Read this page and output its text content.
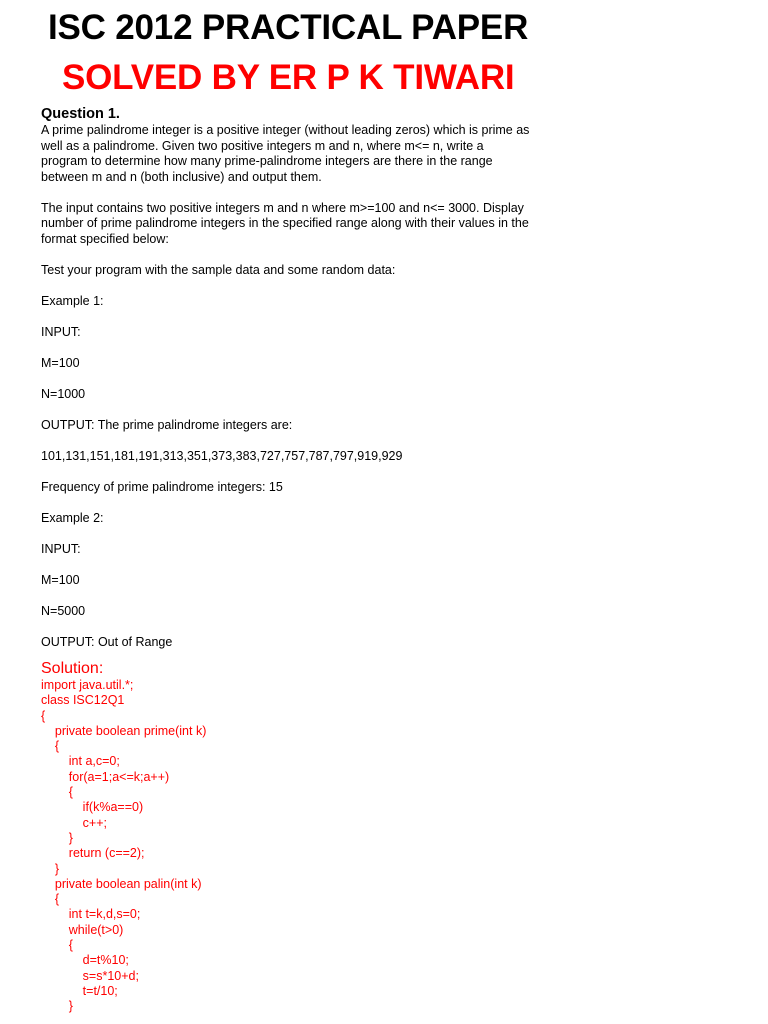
ISC 2012 PRACTICAL PAPER
SOLVED BY ER P K TIWARI
Question 1.
A prime palindrome integer is a positive integer (without leading zeros) which is prime as
well as a palindrome. Given two positive integers m and n, where m<= n, write a
program to determine how many prime-palindrome integers are there in the range
between m and n (both inclusive) and output them.
The input contains two positive integers m and n where m>=100 and n<= 3000. Display
number of prime palindrome integers in the specified range along with their values in the
format specified below:
Test your program with the sample data and some random data:
Example 1:
INPUT:
M=100
N=1000
OUTPUT: The prime palindrome integers are:
101,131,151,181,191,313,351,373,383,727,757,787,797,919,929
Frequency of prime palindrome integers: 15
Example 2:
INPUT:
M=100
N=5000
OUTPUT: Out of Range
Solution:
import java.util.*;
class ISC12Q1
{
private boolean prime(int k)
{
int a,c=0;
for(a=1;a<=k;a++)
{
if(k%a==0)
c++;
}
return (c==2);
}
private boolean palin(int k)
{
int t=k,d,s=0;
while(t>0)
{
d=t%10;
s=s*10+d;
t=t/10;
}
